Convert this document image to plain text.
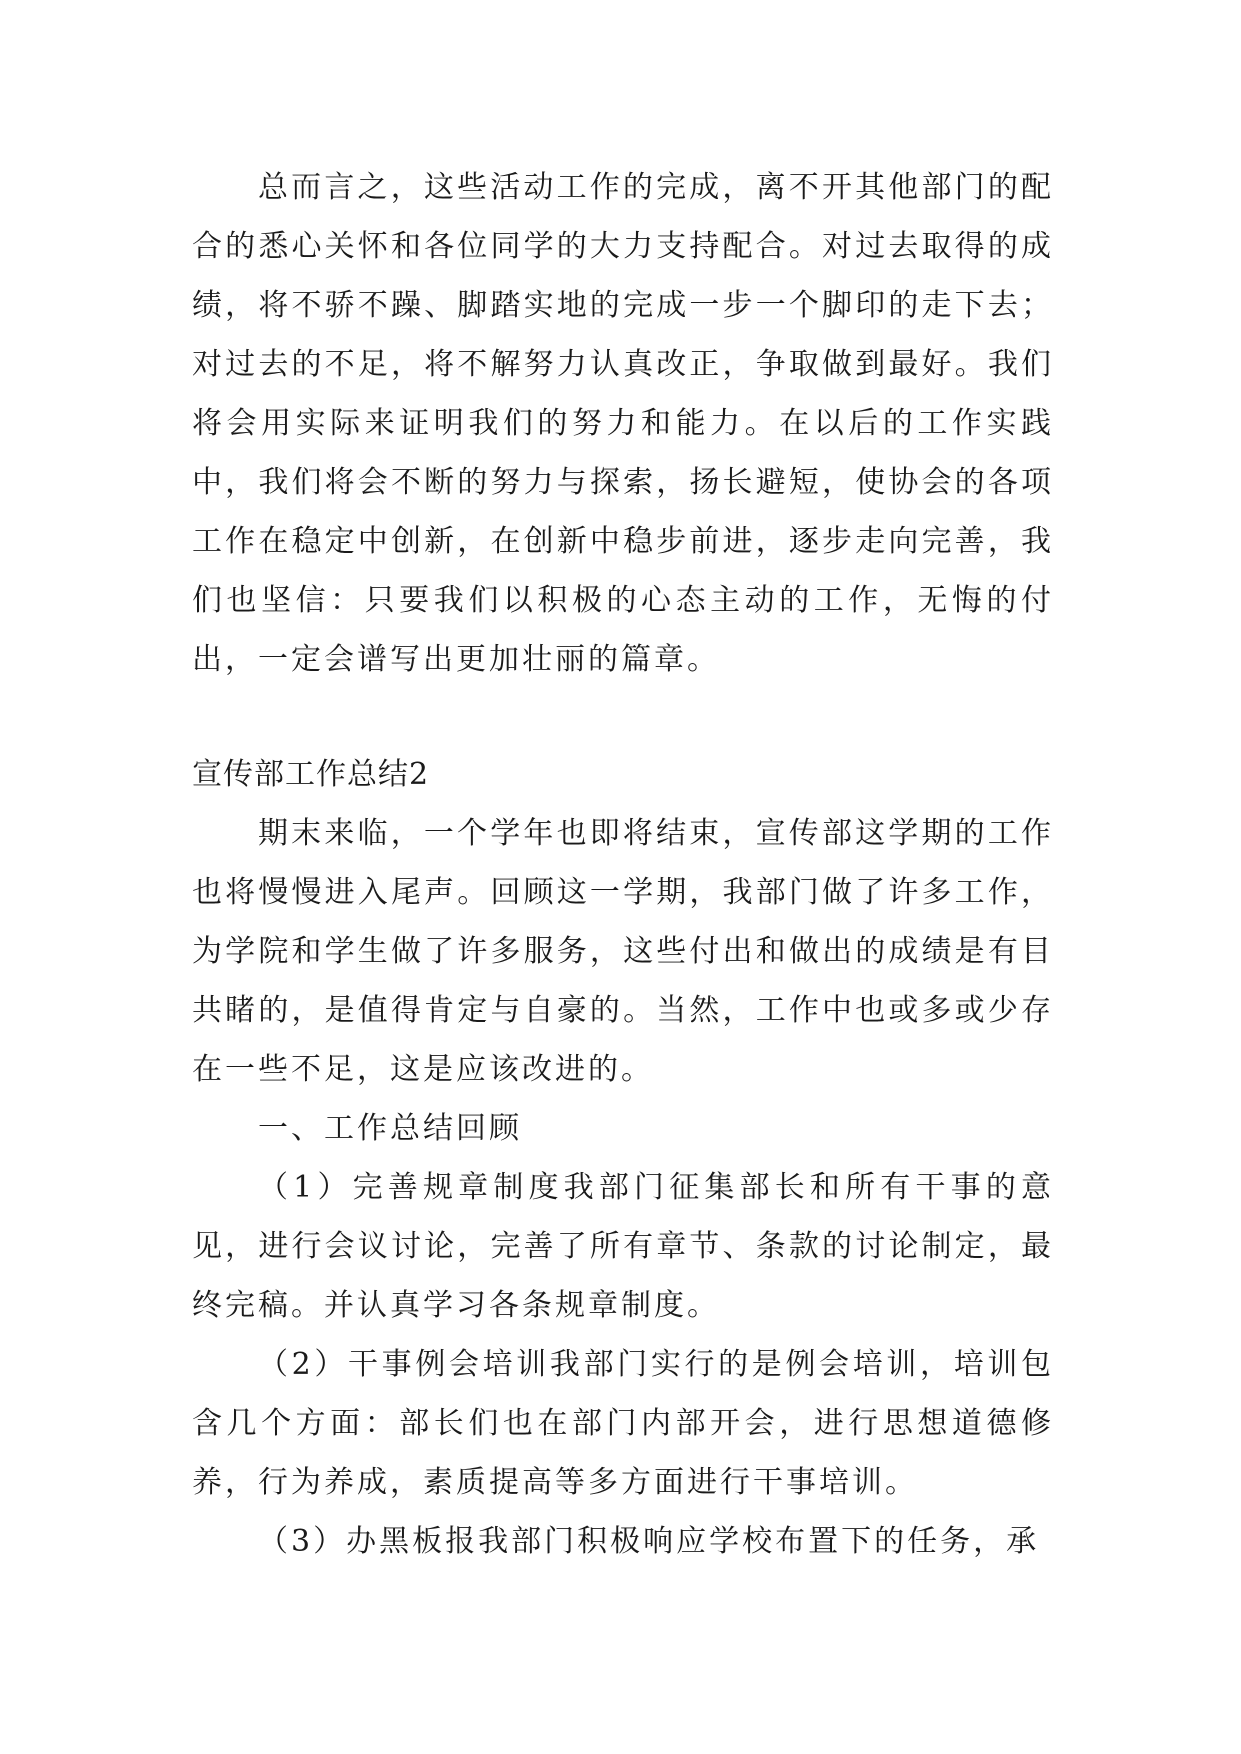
总而言之，这些活动工作的完成，离不开其他部门的配合的悉心关怀和各位同学的大力支持配合。对过去取得的成绩，将不骄不躁、脚踏实地的完成一步一个脚印的走下去；对过去的不足，将不解努力认真改正，争取做到最好。我们将会用实际来证明我们的努力和能力。在以后的工作实践中，我们将会不断的努力与探索，扬长避短，使协会的各项工作在稳定中创新，在创新中稳步前进，逐步走向完善，我们也坚信：只要我们以积极的心态主动的工作，无悔的付出，一定会谱写出更加壮丽的篇章。

宣传部工作总结2

期末来临，一个学年也即将结束，宣传部这学期的工作也将慢慢进入尾声。回顾这一学期，我部门做了许多工作，为学院和学生做了许多服务，这些付出和做出的成绩是有目共睹的，是值得肯定与自豪的。当然，工作中也或多或少存在一些不足，这是应该改进的。

一、工作总结回顾

（1）完善规章制度我部门征集部长和所有干事的意见，进行会议讨论，完善了所有章节、条款的讨论制定，最终完稿。并认真学习各条规章制度。

（2）干事例会培训我部门实行的是例会培训，培训包含几个方面：部长们也在部门内部开会，进行思想道德修养，行为养成，素质提高等多方面进行干事培训。

（3）办黑板报我部门积极响应学校布置下的任务，承
